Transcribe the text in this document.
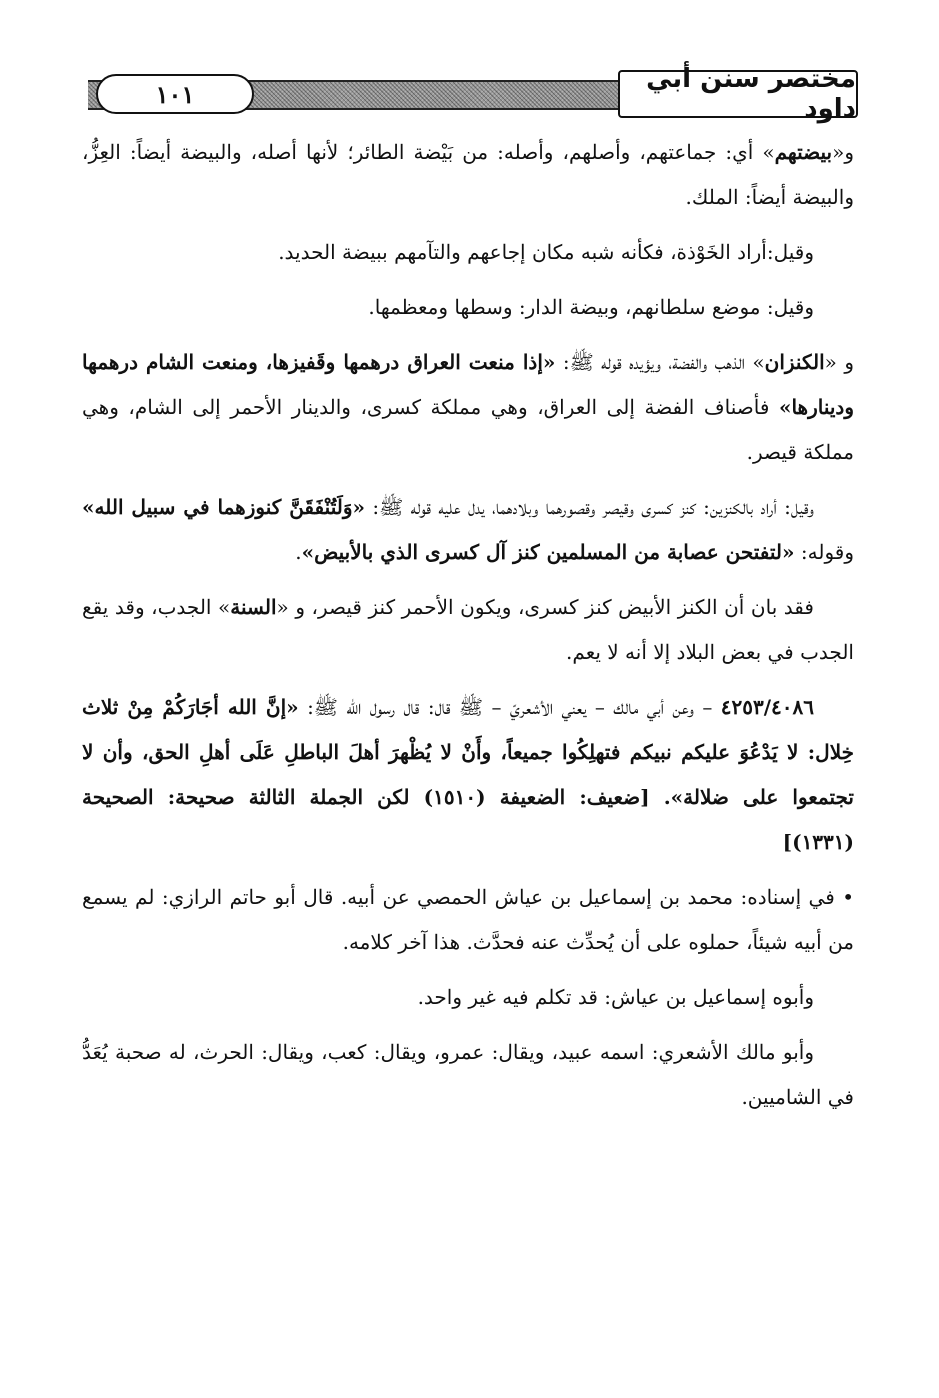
١٠١	مختصر سنن أبي داود

و«بيضتهم» أي: جماعتهم، وأصلهم، وأصله: من بَيْضة الطائر؛ لأنها أصله، والبيضة أيضاً: العِزُّ، والبيضة أيضاً: الملك.

وقيل:أراد الخَوْذة، فكأنه شبه مكان إجاعهم والتآمهم ببيضة الحديد.

وقيل: موضع سلطانهم، وبيضة الدار: وسطها ومعظمها.

و «الكنزان» الذهب والفضة، ويؤيده قوله ﷺ: «إذا منعت العراق درهمها وقَفيزها، ومنعت الشام درهمها ودينارها» فأصناف الفضة إلى العراق، وهي مملكة كسرى، والدينار الأحمر إلى الشام، وهي مملكة قيصر.

وقيل: أراد بالكنزين: كنز كسرى وقيصر وقصورهما وبلادهما، يدل عليه قوله ﷺ: «وَلَتُنْفَقَنَّ كنوزهما في سبيل الله» وقوله: «لتفتحن عصابة من المسلمين كنز آل كسرى الذي بالأبيض».

فقد بان أن الكنز الأبيض كنز كسرى، ويكون الأحمر كنز قيصر، و «السنة» الجدب، وقد يقع الجدب في بعض البلاد إلا أنه لا يعم.

٤٢٥٣/٤٠٨٦ – وعن أبي مالك – يعني الأشعريّ – ﷺ قال: قال رسول الله ﷺ: «إنَّ الله أجَارَكُمْ مِنْ ثلاث خِلال: لا يَدْعُوَ عليكم نبيكم فتهلِكُوا جميعاً، وأَنْ لا يُظْهرَ أهلَ الباطلِ عَلَى أهلِ الحق، وأن لا تجتمعوا على ضلالة». [ضعيف: الضعيفة (١٥١٠) لكن الجملة الثالثة صحيحة: الصحيحة (١٣٣١)]

• في إسناده: محمد بن إسماعيل بن عياش الحمصي عن أبيه. قال أبو حاتم الرازي: لم يسمع من أبيه شيئاً، حملوه على أن يُحدِّث عنه فحدَّث. هذا آخر كلامه.

وأبوه إسماعيل بن عياش: قد تكلم فيه غير واحد.

وأبو مالك الأشعري: اسمه عبيد، ويقال: عمرو، ويقال: كعب، ويقال: الحرث، له صحبة يُعَدُّ في الشاميين.
